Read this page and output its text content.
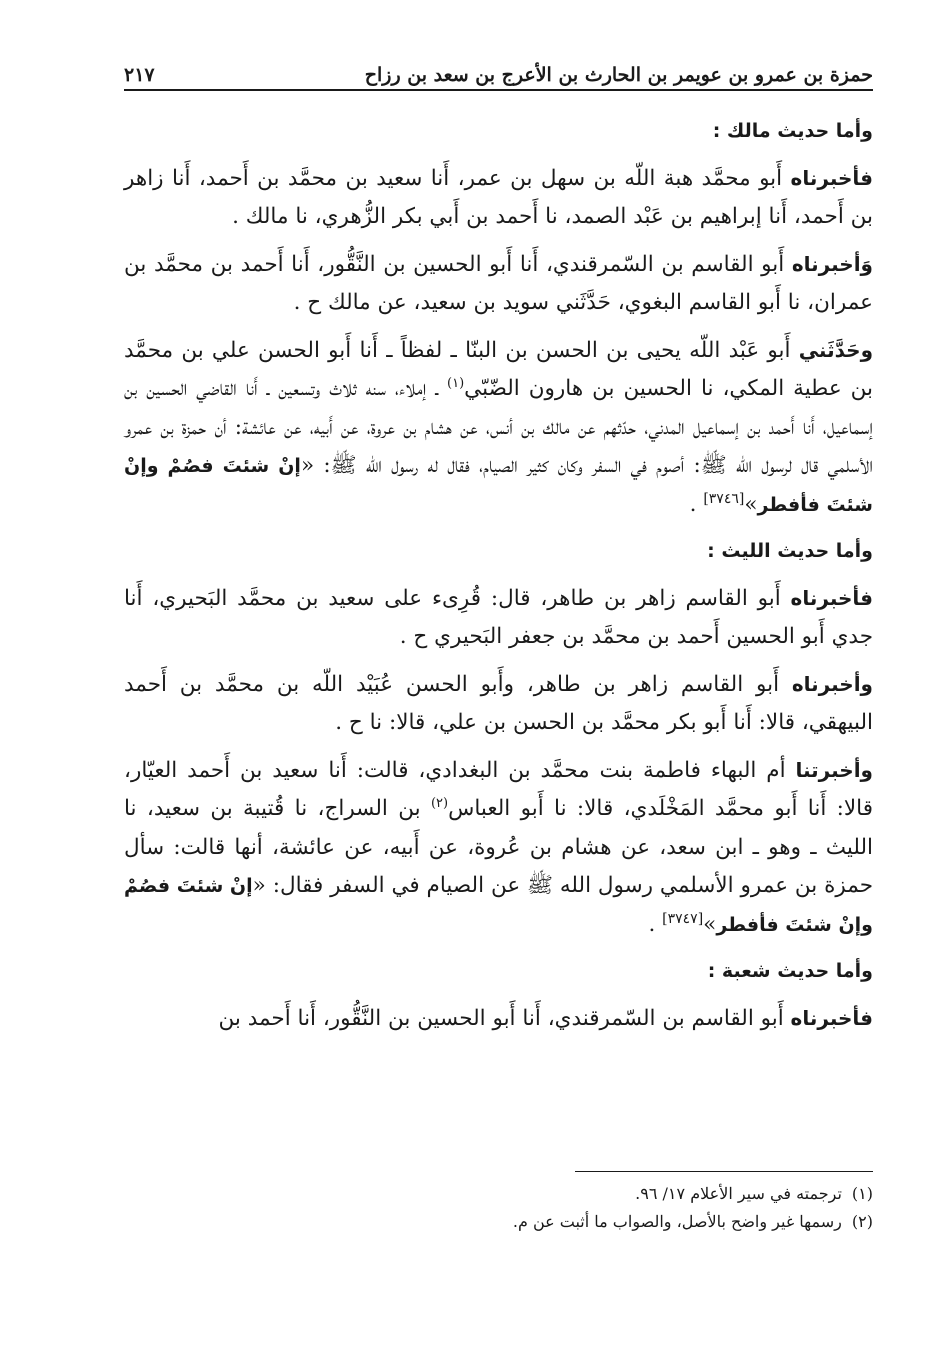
حمزة بن عمرو بن عويمر بن الحارث بن الأعرج بن سعد بن رزاح
٢١٧

وأما حديث مالك :

فأخبرناه أَبو محمَّد هبة اللّه بن سهل بن عمر، أَنا سعيد بن محمَّد بن أَحمد، أَنا زاهر بن أَحمد، أَنا إبراهيم بن عَبْد الصمد، نا أَحمد بن أَبي بكر الزُّهري، نا مالك .

وَأخبرناه أَبو القاسم بن السّمرقندي، أَنا أَبو الحسين بن النَّقُّور، أَنا أَحمد بن محمَّد بن عمران، نا أَبو القاسم البغوي، حَدَّثَني سويد بن سعيد، عن مالك ح .

وحَدَّثَني أَبو عَبْد اللّه يحيى بن الحسن بن البنّا ـ لفظاً ـ أَنا أَبو الحسن علي بن محمَّد بن عطية المكي، نا الحسين بن هارون الضّبّي$^{(١)}$ ـ إملاء، سنه ثلاث وتسعين ـ أَنا القاضي الحسين بن إسماعيل، أَنا أَحمد بن إسماعيل المدني، حدّثهم عن مالك بن أنس، عن هشام بن عروة، عن أَبيه، عن عائشة: أن حمزة بن عمرو الأسلمي قال لرسول الله ﷺ: أصوم في السفر وكان كثير الصيام، فقال له رسول الله ﷺ: «إنْ شئتَ فصُمْ وإنْ شئتَ فأفطر»[٣٧٤٦] .

وأما حديث الليث :

فأخبرناه أَبو القاسم زاهر بن طاهر، قال: قُرِىء على سعيد بن محمَّد البَحيري، أَنا جدي أَبو الحسين أَحمد بن محمَّد بن جعفر البَحيري ح .

وأخبرناه أَبو القاسم زاهر بن طاهر، وأَبو الحسن عُبَيْد اللّه بن محمَّد بن أَحمد البيهقي، قالا: أَنا أَبو بكر محمَّد بن الحسن بن علي، قالا: نا ح .

وأخبرتنا أم البهاء فاطمة بنت محمَّد بن البغدادي، قالت: أَنا سعيد بن أَحمد العيّار، قالا: أَنا أَبو محمَّد المَخْلَدي، قالا: نا أَبو العباس$^{(٢)}$ بن السراج، نا قُتيبة بن سعيد، نا الليث ـ وهو ـ ابن سعد، عن هشام بن عُروة، عن أَبيه، عن عائشة، أنها قالت: سأل حمزة بن عمرو الأسلمي رسول الله ﷺ عن الصيام في السفر فقال: «إنْ شئتَ فصُمْ وإنْ شئتَ فأفطر»[٣٧٤٧] .

وأما حديث شعبة :

فأخبرناه أَبو القاسم بن السّمرقندي، أَنا أَبو الحسين بن النَّقُّور، أَنا أَحمد بن

(١)ترجمته في سير الأعلام ١٧/ ٩٦.
(٢)رسمها غير واضح بالأصل، والصواب ما أثبت عن م.
